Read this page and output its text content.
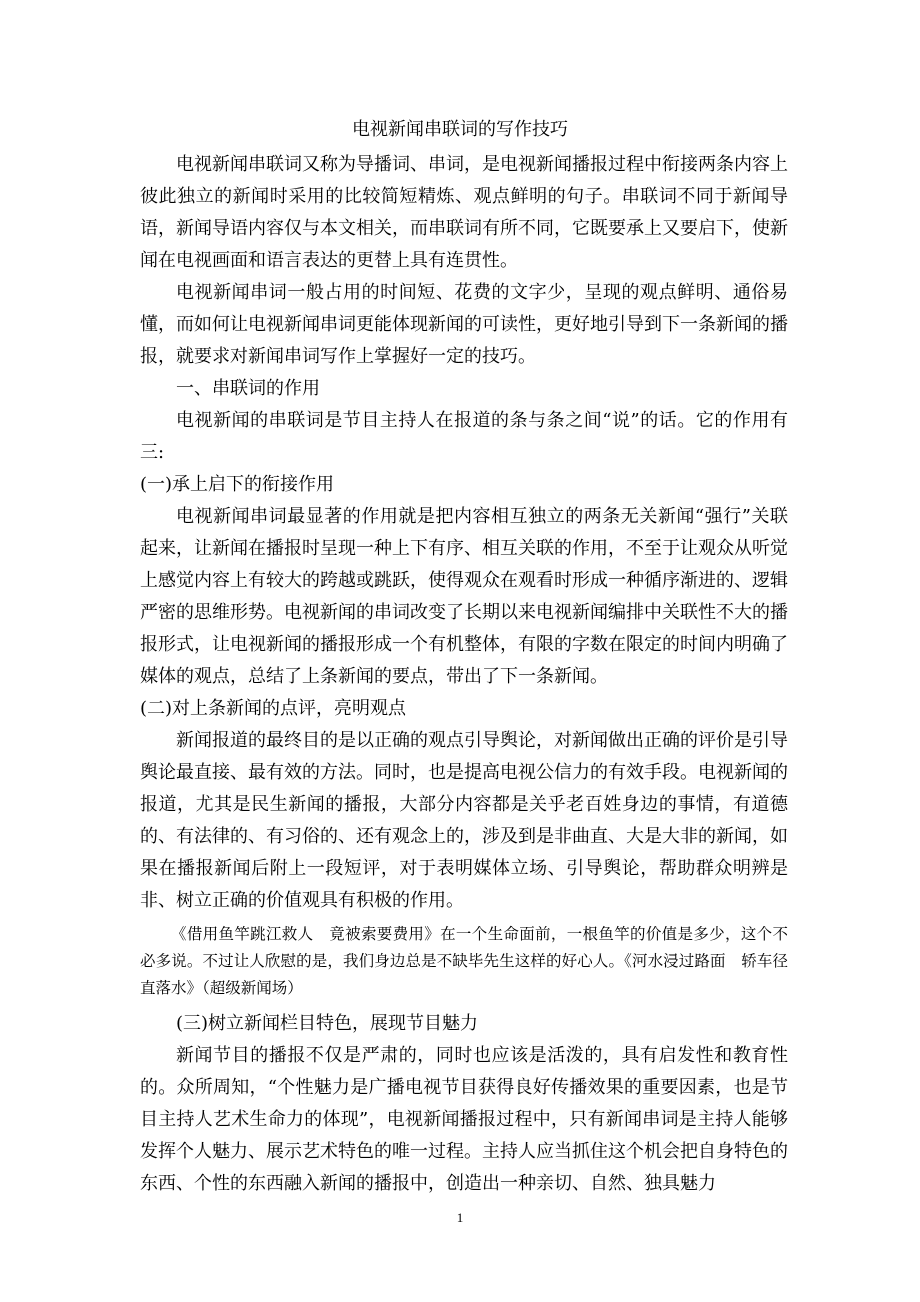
电视新闻串联词的写作技巧

电视新闻串联词又称为导播词、串词，是电视新闻播报过程中衔接两条内容上彼此独立的新闻时采用的比较简短精炼、观点鲜明的句子。串联词不同于新闻导语，新闻导语内容仅与本文相关，而串联词有所不同，它既要承上又要启下，使新闻在电视画面和语言表达的更替上具有连贯性。

电视新闻串词一般占用的时间短、花费的文字少，呈现的观点鲜明、通俗易懂，而如何让电视新闻串词更能体现新闻的可读性，更好地引导到下一条新闻的播报，就要求对新闻串词写作上掌握好一定的技巧。

一、串联词的作用

电视新闻的串联词是节目主持人在报道的条与条之间“说”的话。它的作用有三:

(一)承上启下的衔接作用

电视新闻串词最显著的作用就是把内容相互独立的两条无关新闻“强行”关联起来，让新闻在播报时呈现一种上下有序、相互关联的作用，不至于让观众从听觉上感觉内容上有较大的跨越或跳跃，使得观众在观看时形成一种循序渐进的、逻辑严密的思维形势。电视新闻的串词改变了长期以来电视新闻编排中关联性不大的播报形式，让电视新闻的播报形成一个有机整体，有限的字数在限定的时间内明确了媒体的观点，总结了上条新闻的要点，带出了下一条新闻。

(二)对上条新闻的点评，亮明观点

新闻报道的最终目的是以正确的观点引导舆论，对新闻做出正确的评价是引导舆论最直接、最有效的方法。同时，也是提高电视公信力的有效手段。电视新闻的报道，尤其是民生新闻的播报，大部分内容都是关乎老百姓身边的事情，有道德的、有法律的、有习俗的、还有观念上的，涉及到是非曲直、大是大非的新闻，如果在播报新闻后附上一段短评，对于表明媒体立场、引导舆论，帮助群众明辨是非、树立正确的价值观具有积极的作用。

《借用鱼竿跳江救人　竟被索要费用》在一个生命面前，一根鱼竿的价值是多少，这个不必多说。不过让人欣慰的是，我们身边总是不缺毕先生这样的好心人。《河水浸过路面　轿车径直落水》（超级新闻场）

(三)树立新闻栏目特色，展现节目魅力

新闻节目的播报不仅是严肃的，同时也应该是活泼的，具有启发性和教育性的。众所周知，“个性魅力是广播电视节目获得良好传播效果的重要因素，也是节目主持人艺术生命力的体现”，电视新闻播报过程中，只有新闻串词是主持人能够发挥个人魅力、展示艺术特色的唯一过程。主持人应当抓住这个机会把自身特色的东西、个性的东西融入新闻的播报中，创造出一种亲切、自然、独具魅力

1
